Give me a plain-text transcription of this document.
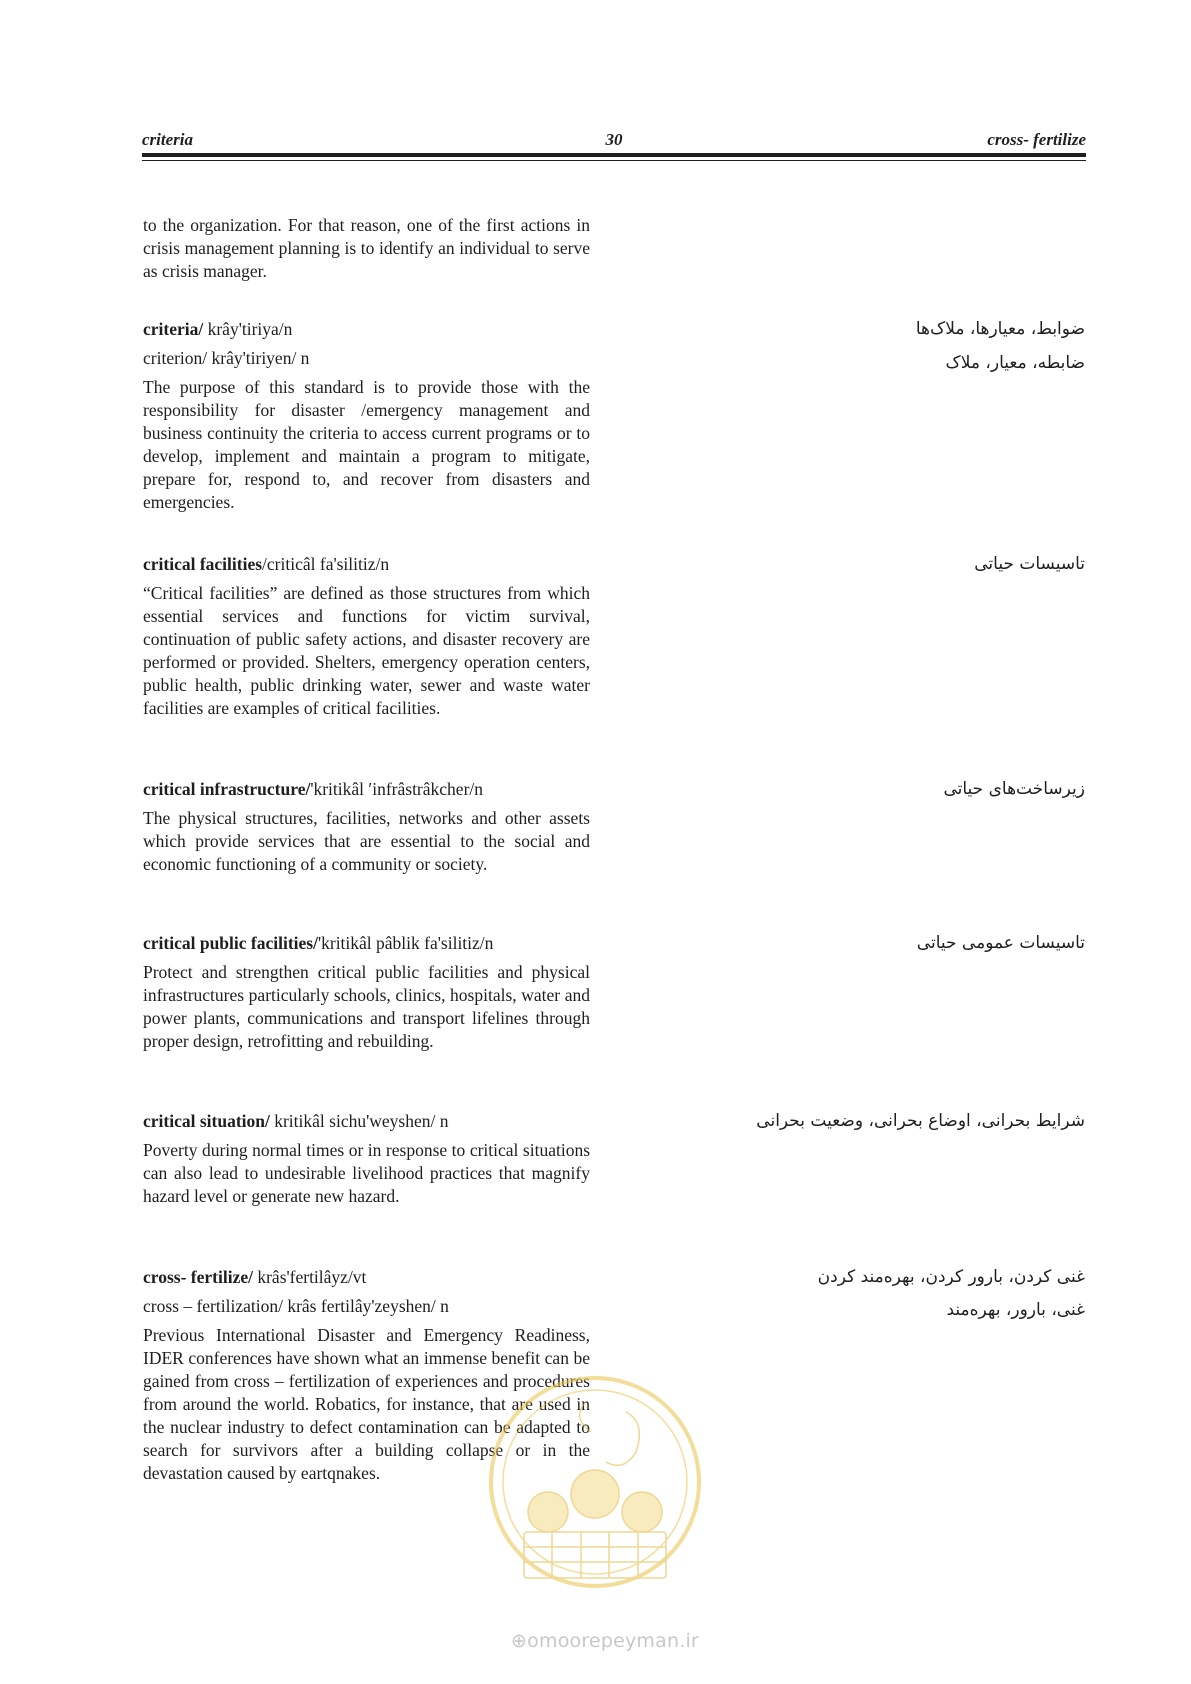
criteria	30	cross- fertilize

to the organization. For that reason, one of the first actions in crisis management planning is to identify an individual to serve as crisis manager.

criteria/ krây'tiriya/n

criterion/ krây'tiriyen/ n

The purpose of this standard is to provide those with the responsibility for disaster /emergency management and business continuity the criteria to access current programs or to develop, implement and maintain a program to mitigate, prepare for, respond to, and recover from disasters and emergencies.

ضوابط، معیارها، ملاک‌ها
ضابطه، معیار، ملاک

critical facilities/criticâl fa'silitiz/n

“Critical facilities” are defined as those structures from which essential services and functions for victim survival, continuation of public safety actions, and disaster recovery are performed or provided. Shelters, emergency operation centers, public health, public drinking water, sewer and waste water facilities are examples of critical facilities.

تاسیسات حیاتی

critical infrastructure/'kritikâl ′infrâstrâkcher/n

The physical structures, facilities, networks and other assets which provide services that are essential to the social and economic functioning of a community or society.

زیرساخت‌های حیاتی

critical public facilities/'kritikâl pâblik fa'silitiz/n

Protect and strengthen critical public facilities and physical infrastructures particularly schools, clinics, hospitals, water and power plants, communications and transport lifelines through proper design, retrofitting and rebuilding.

تاسیسات عمومی حیاتی

critical situation/ kritikâl sichu'weyshen/ n

Poverty during normal times or in response to critical situations can also lead to undesirable livelihood practices that magnify hazard level or generate new hazard.

شرایط بحرانی، اوضاع بحرانی، وضعیت بحرانی

cross- fertilize/ krâs'fertilâyz/vt

cross – fertilization/ krâs fertilây'zeyshen/ n

Previous International Disaster and Emergency Readiness, IDER conferences have shown what an immense benefit can be gained from cross – fertilization of experiences and procedures from around the world. Robatics, for instance, that are used in the nuclear industry to defect contamination can be adapted to search for survivors after a building collapse or in the devastation caused by eartqnakes.

غنی کردن، بارور کردن، بهره‌مند کردن
غنی، بارور، بهره‌مند
⊕omoorepeyman.ir
